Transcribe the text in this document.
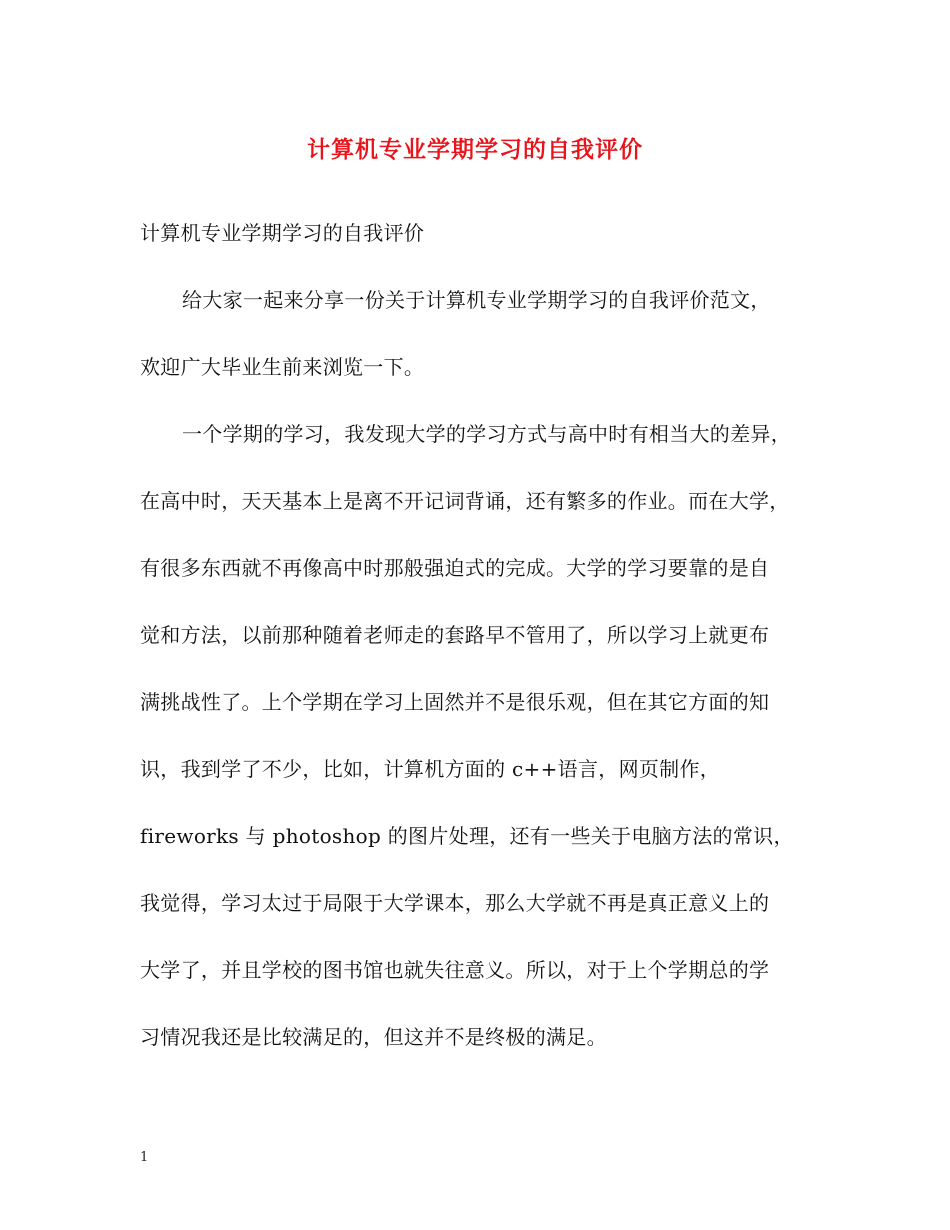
计算机专业学期学习的自我评价
计算机专业学期学习的自我评价
给大家一起来分享一份关于计算机专业学期学习的自我评价范文，
欢迎广大毕业生前来浏览一下。
一个学期的学习，我发现大学的学习方式与高中时有相当大的差异，
在高中时，天天基本上是离不开记词背诵，还有繁多的作业。而在大学，
有很多东西就不再像高中时那般强迫式的完成。大学的学习要靠的是自
觉和方法，以前那种随着老师走的套路早不管用了，所以学习上就更布
满挑战性了。上个学期在学习上固然并不是很乐观，但在其它方面的知
识，我到学了不少，比如，计算机方面的 c++语言，网页制作，
fireworks 与 photoshop 的图片处理，还有一些关于电脑方法的常识，
我觉得，学习太过于局限于大学课本，那么大学就不再是真正意义上的
大学了，并且学校的图书馆也就失往意义。所以，对于上个学期总的学
习情况我还是比较满足的，但这并不是终极的满足。
1
